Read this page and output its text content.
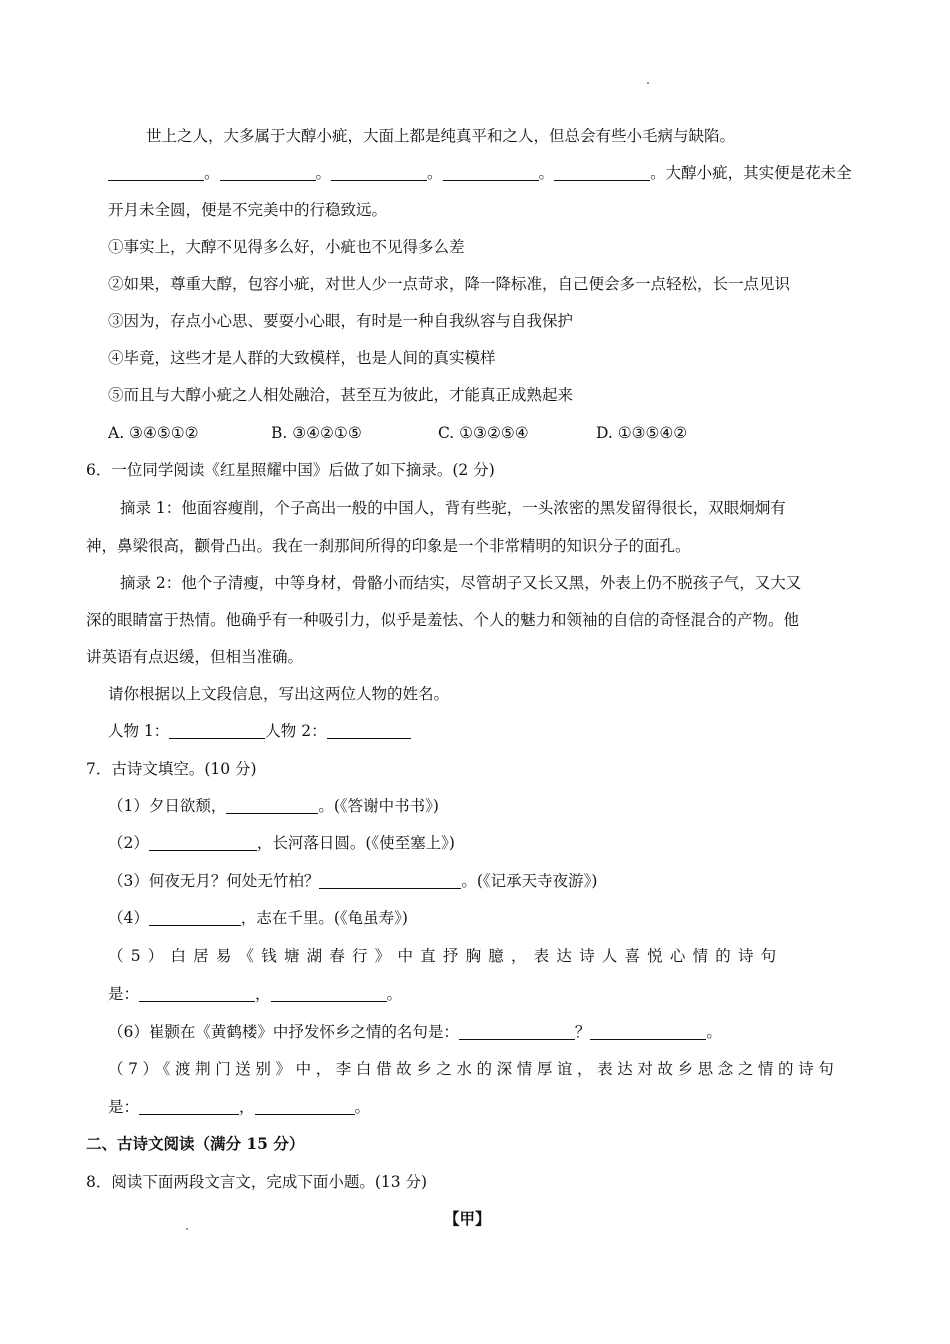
世上之人，大多属于大醇小疵，大面上都是纯真平和之人，但总会有些小毛病与缺陷。
。	。	。	。	。大醇小疵，其实便是花未全
开月未全圆，便是不完美中的行稳致远。
①事实上，大醇不见得多么好，小疵也不见得多么差
②如果，尊重大醇，包容小疵，对世人少一点苛求，降一降标准，自己便会多一点轻松，长一点见识
③因为，存点小心思、要耍小心眼，有时是一种自我纵容与自我保护
④毕竟，这些才是人群的大致模样，也是人间的真实模样
⑤而且与大醇小疵之人相处融洽，甚至互为彼此，才能真正成熟起来
A. ③④⑤①②	B. ③④②①⑤	C. ①③②⑤④	D. ①③⑤④②
6．一位同学阅读《红星照耀中国》后做了如下摘录。(2 分)
摘录 1：他面容瘦削，个子高出一般的中国人，背有些驼，一头浓密的黑发留得很长，双眼炯炯有
神，鼻梁很高，颧骨凸出。我在一刹那间所得的印象是一个非常精明的知识分子的面孔。
摘录 2：他个子清瘦，中等身材，骨骼小而结实，尽管胡子又长又黑，外表上仍不脱孩子气，又大又
深的眼睛富于热情。他确乎有一种吸引力，似乎是羞怯、个人的魅力和领袖的自信的奇怪混合的产物。他
讲英语有点迟缓，但相当准确。
请你根据以上文段信息，写出这两位人物的姓名。
人物 1：	人物 2：
7．古诗文填空。(10 分)
（1）夕日欲颓，	。(《答谢中书书》)
（2）	，长河落日圆。(《使至塞上》)
（3）何夜无月？何处无竹柏？	。(《记承天寺夜游》)
（4）	，志在千里。(《龟虽寿》)
（5）白居易《钱塘湖春行》中直抒胸臆，表达诗人喜悦心情的诗句
是：	，	。
（6）崔颢在《黄鹤楼》中抒发怀乡之情的名句是：	？	。
（7）《渡荆门送别》中，李白借故乡之水的深情厚谊，表达对故乡思念之情的诗句
是：	，	。
二、古诗文阅读（满分 15 分）
8．阅读下面两段文言文，完成下面小题。(13 分)
【甲】
